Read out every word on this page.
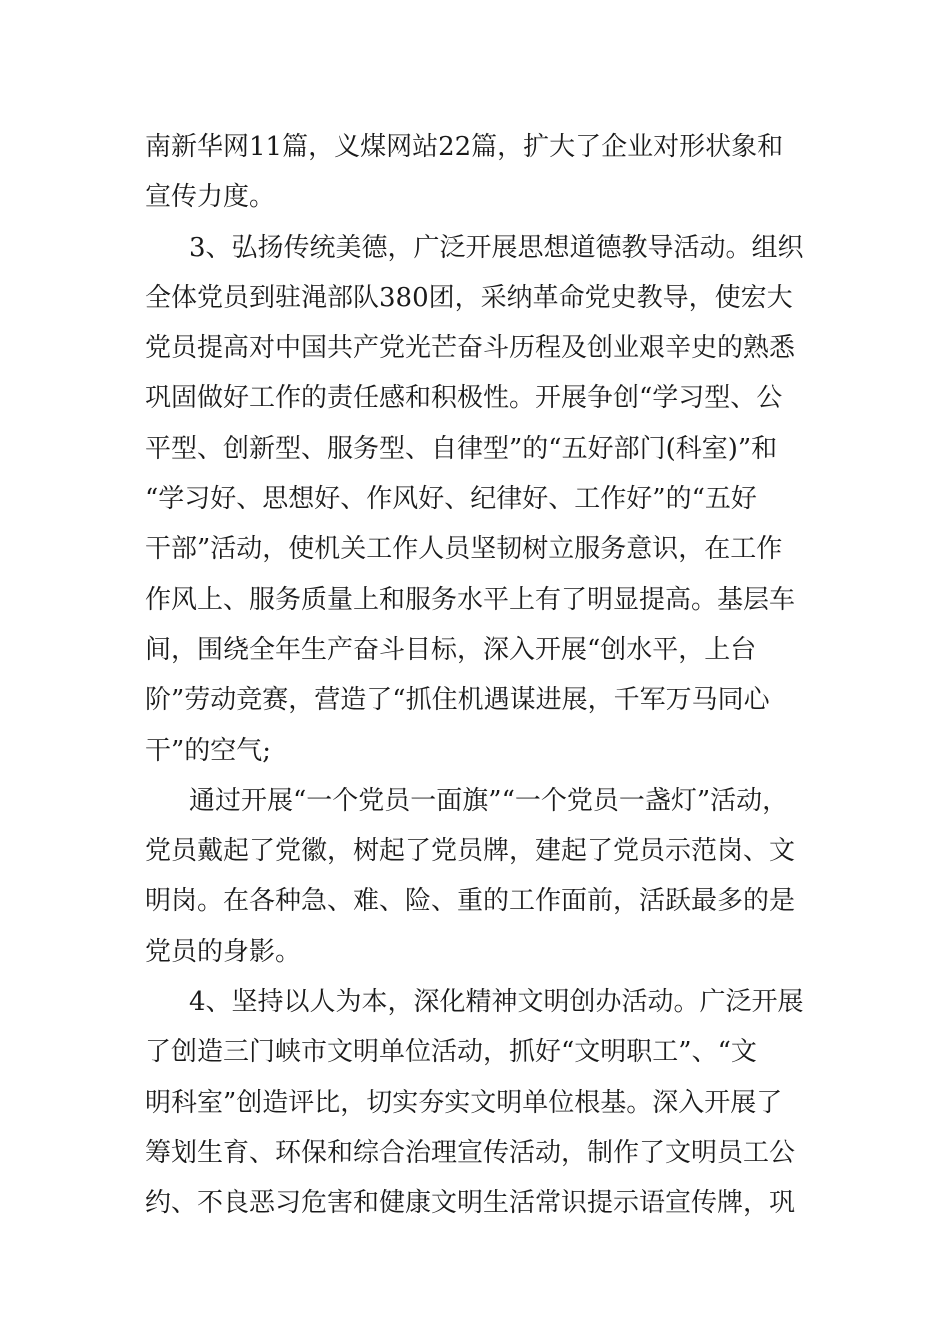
南新华网11篇，义煤网站22篇，扩大了企业对形状象和
宣传力度。
3、弘扬传统美德，广泛开展思想道德教导活动。组织
全体党员到驻渑部队380团，采纳革命党史教导，使宏大
党员提高对中国共产党光芒奋斗历程及创业艰辛史的熟悉
巩固做好工作的责任感和积极性。开展争创“学习型、公
平型、创新型、服务型、自律型”的“五好部门(科室)”和
“学习好、思想好、作风好、纪律好、工作好”的“五好
干部”活动，使机关工作人员坚韧树立服务意识，在工作
作风上、服务质量上和服务水平上有了明显提高。基层车
间，围绕全年生产奋斗目标，深入开展“创水平，上台
阶”劳动竞赛，营造了“抓住机遇谋进展，千军万马同心
干”的空气;
通过开展“一个党员一面旗”“一个党员一盏灯”活动，
党员戴起了党徽，树起了党员牌，建起了党员示范岗、文
明岗。在各种急、难、险、重的工作面前，活跃最多的是
党员的身影。
4、坚持以人为本，深化精神文明创办活动。广泛开展
了创造三门峡市文明单位活动，抓好“文明职工”、“文
明科室”创造评比，切实夯实文明单位根基。深入开展了
筹划生育、环保和综合治理宣传活动，制作了文明员工公
约、不良恶习危害和健康文明生活常识提示语宣传牌，巩
